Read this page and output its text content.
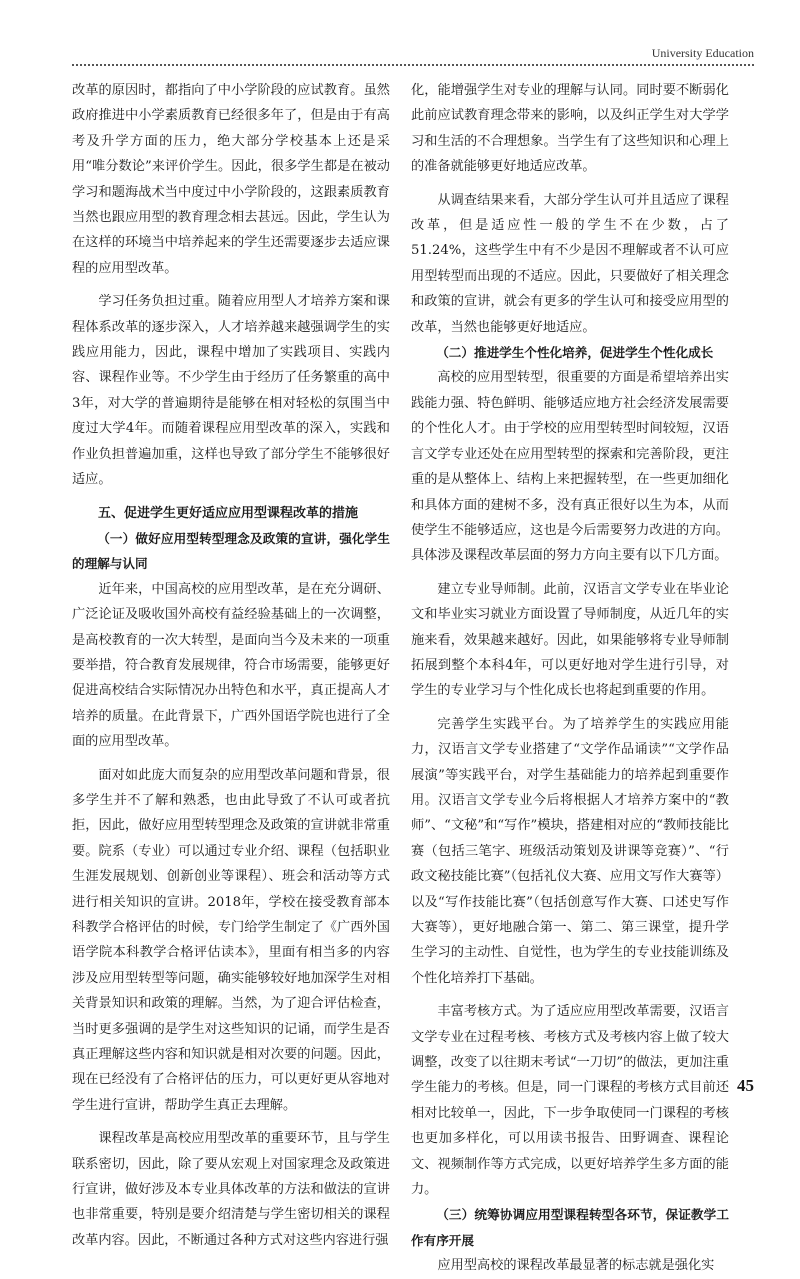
University Education

改革的原因时，都指向了中小学阶段的应试教育。虽然政府推进中小学素质教育已经很多年了，但是由于有高考及升学方面的压力，绝大部分学校基本上还是采用“唯分数论”来评价学生。因此，很多学生都是在被动学习和题海战术当中度过中小学阶段的，这跟素质教育当然也跟应用型的教育理念相去甚远。因此，学生认为在这样的环境当中培养起来的学生还需要逐步去适应课程的应用型改革。

学习任务负担过重。随着应用型人才培养方案和课程体系改革的逐步深入，人才培养越来越强调学生的实践应用能力，因此，课程中增加了实践项目、实践内容、课程作业等。不少学生由于经历了任务繁重的高中3年，对大学的普遍期待是能够在相对轻松的氛围当中度过大学4年。而随着课程应用型改革的深入，实践和作业负担普遍加重，这样也导致了部分学生不能够很好适应。

五、促进学生更好适应应用型课程改革的措施
（一）做好应用型转型理念及政策的宣讲，强化学生的理解与认同

近年来，中国高校的应用型改革，是在充分调研、广泛论证及吸收国外高校有益经验基础上的一次调整，是高校教育的一次大转型，是面向当今及未来的一项重要举措，符合教育发展规律，符合市场需要，能够更好促进高校结合实际情况办出特色和水平，真正提高人才培养的质量。在此背景下，广西外国语学院也进行了全面的应用型改革。

面对如此庞大而复杂的应用型改革问题和背景，很多学生并不了解和熟悉，也由此导致了不认可或者抗拒，因此，做好应用型转型理念及政策的宣讲就非常重要。院系（专业）可以通过专业介绍、课程（包括职业生涯发展规划、创新创业等课程）、班会和活动等方式进行相关知识的宣讲。2018年，学校在接受教育部本科教学合格评估的时候，专门给学生制定了《广西外国语学院本科教学合格评估读本》，里面有相当多的内容涉及应用型转型等问题，确实能够较好地加深学生对相关背景知识和政策的理解。当然，为了迎合评估检查，当时更多强调的是学生对这些知识的记诵，而学生是否真正理解这些内容和知识就是相对次要的问题。因此，现在已经没有了合格评估的压力，可以更好更从容地对学生进行宣讲，帮助学生真正去理解。

课程改革是高校应用型改革的重要环节，且与学生联系密切，因此，除了要从宏观上对国家理念及政策进行宣讲，做好涉及本专业具体改革的方法和做法的宣讲也非常重要，特别是要介绍清楚与学生密切相关的课程改革内容。因此，不断通过各种方式对这些内容进行强

化，能增强学生对专业的理解与认同。同时要不断弱化此前应试教育理念带来的影响，以及纠正学生对大学学习和生活的不合理想象。当学生有了这些知识和心理上的准备就能够更好地适应改革。

从调查结果来看，大部分学生认可并且适应了课程改革，但是适应性一般的学生不在少数，占了51.24%，这些学生中有不少是因不理解或者不认可应用型转型而出现的不适应。因此，只要做好了相关理念和政策的宣讲，就会有更多的学生认可和接受应用型的改革，当然也能够更好地适应。

（二）推进学生个性化培养，促进学生个性化成长

高校的应用型转型，很重要的方面是希望培养出实践能力强、特色鲜明、能够适应地方社会经济发展需要的个性化人才。由于学校的应用型转型时间较短，汉语言文学专业还处在应用型转型的探索和完善阶段，更注重的是从整体上、结构上来把握转型，在一些更加细化和具体方面的建树不多，没有真正很好以生为本，从而使学生不能够适应，这也是今后需要努力改进的方向。具体涉及课程改革层面的努力方向主要有以下几方面。

建立专业导师制。此前，汉语言文学专业在毕业论文和毕业实习就业方面设置了导师制度，从近几年的实施来看，效果越来越好。因此，如果能够将专业导师制拓展到整个本科4年，可以更好地对学生进行引导，对学生的专业学习与个性化成长也将起到重要的作用。

完善学生实践平台。为了培养学生的实践应用能力，汉语言文学专业搭建了“文学作品诵读”“文学作品展演”等实践平台，对学生基础能力的培养起到重要作用。汉语言文学专业今后将根据人才培养方案中的“教师”、“文秘”和“写作”模块，搭建相对应的“教师技能比赛（包括三笔字、班级活动策划及讲课等竞赛）”、“行政文秘技能比赛”（包括礼仪大赛、应用文写作大赛等）以及“写作技能比赛”（包括创意写作大赛、口述史写作大赛等），更好地融合第一、第二、第三课堂，提升学生学习的主动性、自觉性，也为学生的专业技能训练及个性化培养打下基础。

丰富考核方式。为了适应应用型改革需要，汉语言文学专业在过程考核、考核方式及考核内容上做了较大调整，改变了以往期末考试“一刀切”的做法，更加注重学生能力的考核。但是，同一门课程的考核方式目前还相对比较单一，因此，下一步争取使同一门课程的考核也更加多样化，可以用读书报告、田野调查、课程论文、视频制作等方式完成，以更好培养学生多方面的能力。

（三）统筹协调应用型课程转型各环节，保证教学工作有序开展

应用型高校的课程改革最显著的标志就是强化实

45
